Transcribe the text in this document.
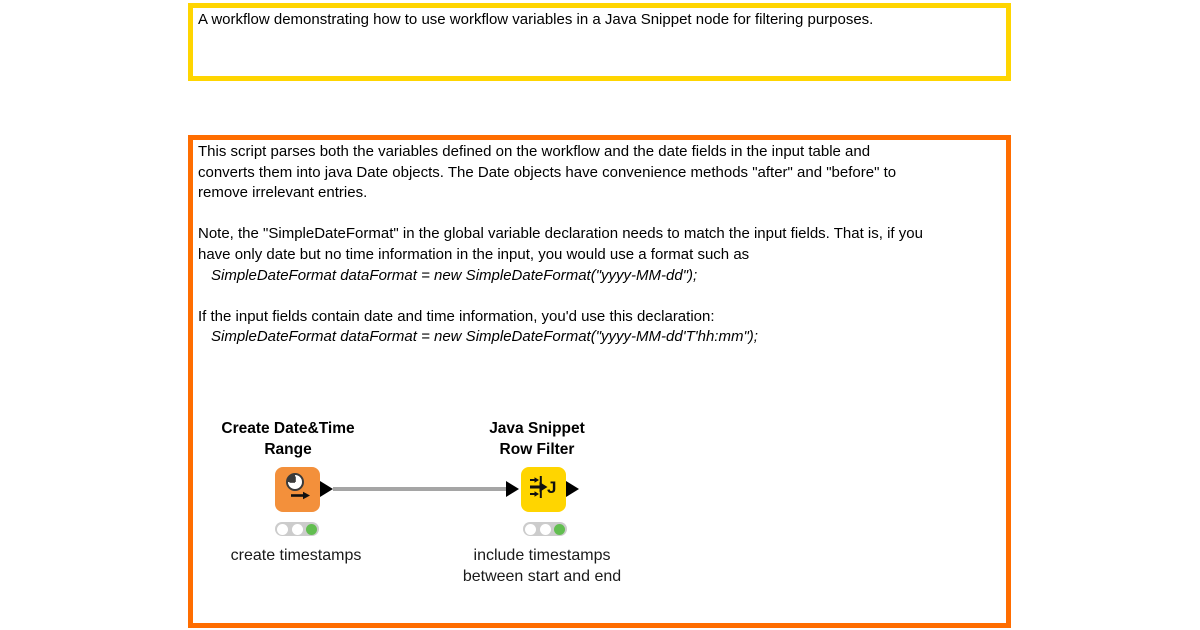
A workflow demonstrating how to use workflow variables in a Java Snippet node for filtering purposes.
This script parses both the variables defined on the workflow and the date fields in the input table and
converts them into java Date objects. The Date objects have convenience methods "after" and "before" to
remove irrelevant entries.
Note, the "SimpleDateFormat" in the global variable declaration needs to match the input fields. That is, if you
have only date but no time information in the input, you would use a format such as
SimpleDateFormat dataFormat = new SimpleDateFormat("yyyy-MM-dd");
If the input fields contain date and time information, you'd use this declaration:
SimpleDateFormat dataFormat = new SimpleDateFormat("yyyy-MM-dd'T'hh:mm");
Create Date&Time
Range
Java Snippet
Row Filter
J
create timestamps	include timestamps
between start and end
